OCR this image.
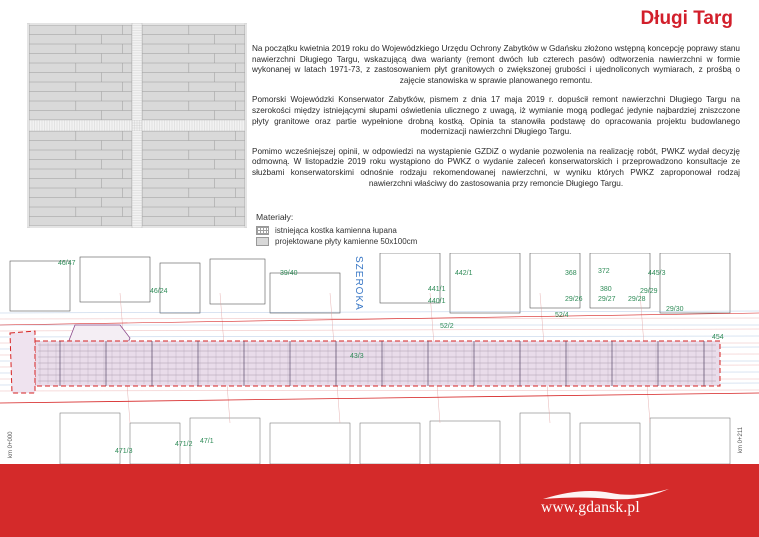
Długi Targ

Na początku kwietnia 2019 roku do Wojewódzkiego Urzędu Ochrony Zabytków w Gdańsku złożono wstępną koncepcję poprawy stanu nawierzchni Długiego Targu, wskazującą dwa warianty (remont dwóch lub czterech pasów) odtworzenia nawierzchni w formie wykonanej w latach 1971-73, z zastosowaniem płyt granitowych o zwiększonej grubości i ujednoliconych wymiarach, z prośbą o zajęcie stanowiska w sprawie planowanego remontu.

Pomorski Wojewódzki Konserwator Zabytków, pismem z dnia 17 maja 2019 r. dopuścił remont nawierzchni Długiego Targu na szerokości między istniejącymi słupami oświetlenia ulicznego z uwagą, iż wymianie mogą podlegać jedynie najbardziej zniszczone płyty granitowe oraz partie wypełnione drobną kostką. Opinia ta stanowiła podstawę do opracowania projektu budowlanego modernizacji nawierzchni Długiego Targu.

Pomimo wcześniejszej opinii, w odpowiedzi na wystąpienie GZDiZ o wydanie pozwolenia na realizację robót, PWKZ wydał decyzję odmowną. W listopadzie 2019 roku wystąpiono do PWKZ o wydanie zaleceń konserwatorskich i przeprowadzono konsultacje ze służbami konserwatorskimi odnośnie rodzaju rekomendowanej nawierzchni, w wyniku których PWKZ zaproponował rodzaj nawierzchni właściwy do zastosowania przy remoncie Długiego Targu.

Materiały:
istniejąca kostka kamienna łupana
projektowane płyty kamienne 50x100cm
46/47
442/1
441/1
440/1
368	372
380
445/3
29/26 29/27 29/28
29/29
29/30
454
43/3
52/2
52/4
471/2
471/3
47/1
39/40
46/24
km 0+000	km 0+211
SZEROKA
www.gdansk.pl
